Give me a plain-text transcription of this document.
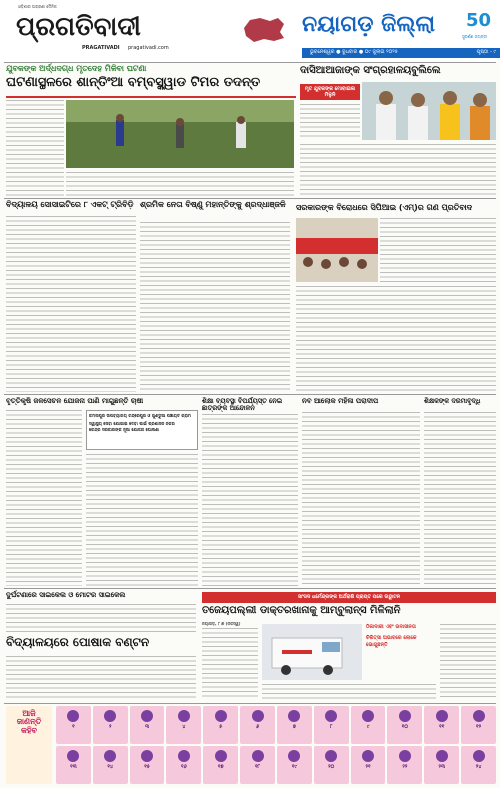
ଓଡ଼ିଶାର ଅଗ୍ରଣୀ ଦୈନିକ
ପ୍ରଗତିବାଦୀ
PRAGATIVADI pragativadi.com
ନୟାଗଡ଼ ଜିଲ୍ଲା 50
ସୁବର୍ଣ୍ଣ ଜୟନ୍ତୀ
ଭୁବନେଶ୍ୱର ● ବୁଧବାର ● ୦୯ ଜୁଲାଇ ୨୦୨୫	ପୃଷ୍ଠା - ୯
ଯୁବକଙ୍କ ଅର୍ଦ୍ଧଦଗ୍ଧ ମୃତଦେହ ମିଳିବା ଘଟଣା
ଘଟଣାସ୍ଥଳରେ ଶାନ୍ତିଂଆ ବମ୍ବସ୍କ୍ୱାଡ ଟିମର ତଦନ୍ତ
ଦାସିଆଆଜାଙ୍କ ସଂଗ୍ରହାଳୟବୁଲିଲେ
ମୃତ ଯୁବକଙ୍କ ମୋବାଇଲ ମିଳୁନି
ବିଦ୍ୟାଳୟ ସୋସାଇଟିରେ ୮ ଏକଟ୍ ଟ୍ରିବିଡ଼ି ଶ୍ରମିକ ନେତା ବିଷ୍ଣୁ ମହାନ୍ତିଙ୍କୁ ଶ୍ରଦ୍ଧାଞ୍ଜଳି	ସରକାରଙ୍କ ବିରୋଧରେ ସିପିଆଇ (ଏମ୍)ର ଗଣ ପ୍ରତିବାଦ
ବୃତ୍ତିକୃଷି ଜଳସେଚନ ଯୋଜନା ପାଣି ମାଗୁଛନ୍ତି ଚାଷୀ
କମଳାପୁର ଉପବ୍ୟାଳୟ ଚନ୍ଦ୍ରେପୁର ଓ ଗୁଣ୍ଡୁଆ ପଞ୍ଚାୟତ ଗ୍ରାମ
ସ୍ୱାସ୍ଥ୍ୟ ସେବା ଯୋଗାଇ ଦେବା ପାଇଁ ପ୍ରଶାସନ ନଜର
କେନ୍ଦ୍ର ସରକାରଙ୍କ ନୂଆ ଯୋଜନା ଘୋଷଣା
ଶିକ୍ଷା ବ୍ୟବସ୍ଥା ବିପର୍ଯ୍ୟସ୍ତ ନେଇ ଛାତ୍ରଙ୍କ ଆନ୍ଦୋଳନ
ନବ ଆଲୋକ ମହିଳା ପରାଦୀପ	ଶିକ୍ଷକଙ୍କ ଦରମାବୃଦ୍ଧି
ଦୁର୍ଘଟଣାରେ ସାଇକେଲ ଓ ମୋଟର ସାଇକେଲ
ବିଦ୍ୟାଳୟରେ ପୋଷାକ ବଣ୍ଟନ
ସାଂସଦ ଧର୍ମେନ୍ଦ୍ରଙ୍କ ଅର୍ଥରାଶି ପ୍ରାପ୍ତ ପରେ ଉଦ୍ଘାଟନ
ତଜେୟପଲ୍ଲୀ ଡାକ୍ତରଖାନାକୁ ଆମ୍ବୁଲାନ୍ସ ମିଳିଲାନି
ନୟାଗଡ଼, ୮।୭ (ନିଜସ୍ୱ)
ଠିକାଦାରୀ ଏବଂ ଉଦାସୀନତା
ଚିକିତ୍ସା ଅଭାବରେ ଲୋକେ ଭୋଗୁଛନ୍ତି
ଆଜି ଜାଣନ୍ତି କହିବ	୧	୨	୩	୪	୫	୬	୭	୮	୯	୧୦	୧୧	୧୨
୧୩	୧୪	୧୫	୧୬	୧୭	୧୮	୧୯	୨୦	୨୧	୨୨	୨୩	୨୪
